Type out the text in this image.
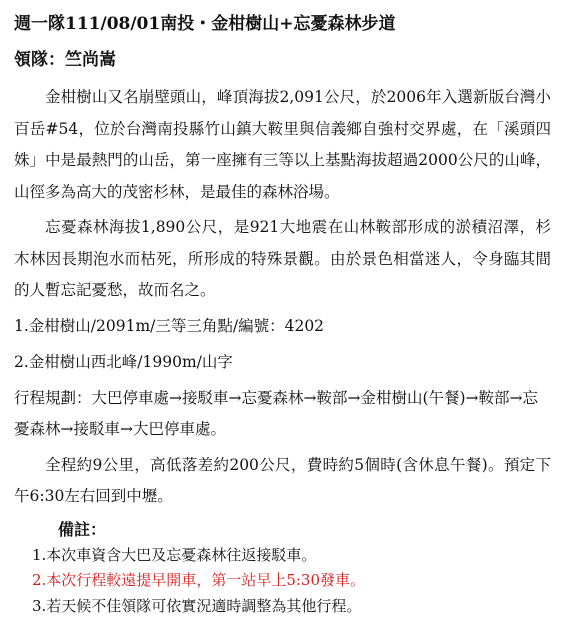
週一隊111/08/01南投・金柑樹山+忘憂森林步道
領隊：竺尚嵩

金柑樹山又名崩壁頭山，峰頂海拔2,091公尺，於2006年入選新版台灣小百岳#54，位於台灣南投縣竹山鎮大鞍里與信義鄉自強村交界處，在「溪頭四姝」中是最熱門的山岳，第一座擁有三等以上基點海拔超過2000公尺的山峰，山徑多為高大的茂密杉林，是最佳的森林浴場。

忘憂森林海拔1,890公尺，是921大地震在山林鞍部形成的淤積沼澤，杉木林因長期泡水而枯死，所形成的特殊景觀。由於景色相當迷人，令身臨其間的人暫忘記憂愁，故而名之。

1.金柑樹山/2091m/三等三角點/編號：4202
2.金柑樹山西北峰/1990m/山字

行程規劃：大巴停車處→接駁車→忘憂森林→鞍部→金柑樹山(午餐)→鞍部→忘憂森林→接駁車→大巴停車處。

全程約9公里，高低落差約200公尺，費時約5個時(含休息午餐)。預定下午6:30左右回到中壢。

備註：
1.本次車資含大巴及忘憂森林往返接駁車。
2.本次行程較遠提早開車，第一站早上5:30發車。
3.若天候不佳領隊可依實況適時調整為其他行程。
